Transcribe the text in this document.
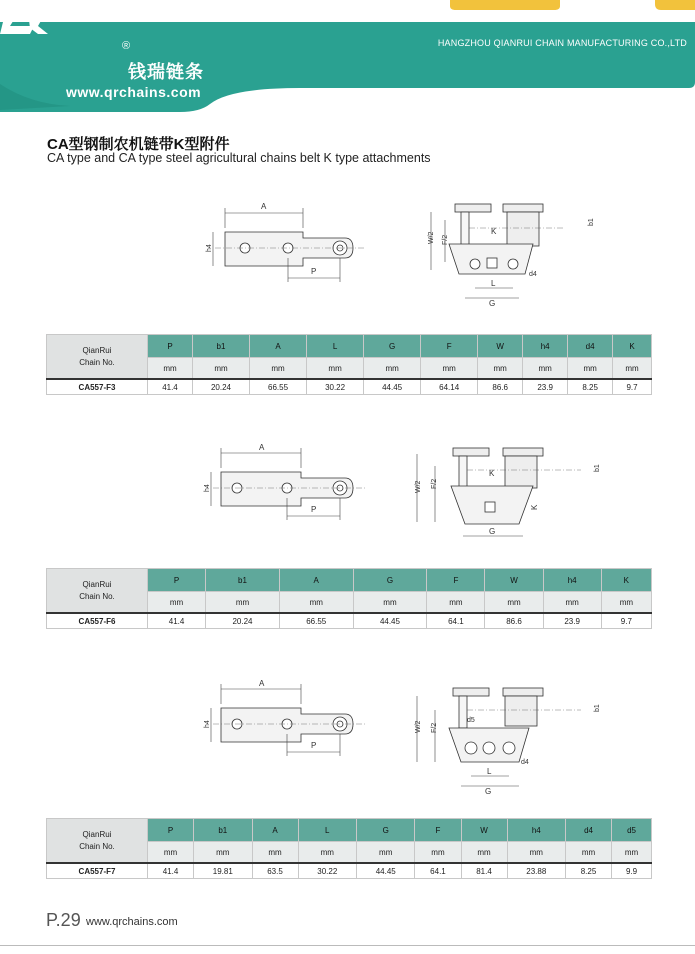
HANGZHOU QIANRUI CHAIN MANUFACTURING CO.,LTD
®
钱瑞链条
www.qrchains.com
CA型钢制农机链带K型附件
CA type and CA type steel agricultural chains belt K type attachments
A
h4
P
W/2 F/2
K
b1
d4
L
G
QianRui
Chain No.	P	b1	A	L	G	F	W	h4	d4	K
	mm	mm	mm	mm	mm	mm	mm	mm	mm	mm
CA557-F3	41.4	20.24	66.55	30.22	44.45	64.14	86.6	23.9	8.25	9.7
A
h4
P
W/2 F/2
K
K
b1
G
QianRui
Chain No.	P	b1	A	G	F	W	h4	K
	mm	mm	mm	mm	mm	mm	mm	mm
CA557-F6	41.4	20.24	66.55	44.45	64.1	86.6	23.9	9.7
A
h4
P
W/2 F/2
d5
d4
b1
L
G
QianRui
Chain No.	P	b1	A	L	G	F	W	h4	d4	d5
	mm	mm	mm	mm	mm	mm	mm	mm	mm	mm
CA557-F7	41.4	19.81	63.5	30.22	44.45	64.1	81.4	23.88	8.25	9.9
P.29 www.qrchains.com
